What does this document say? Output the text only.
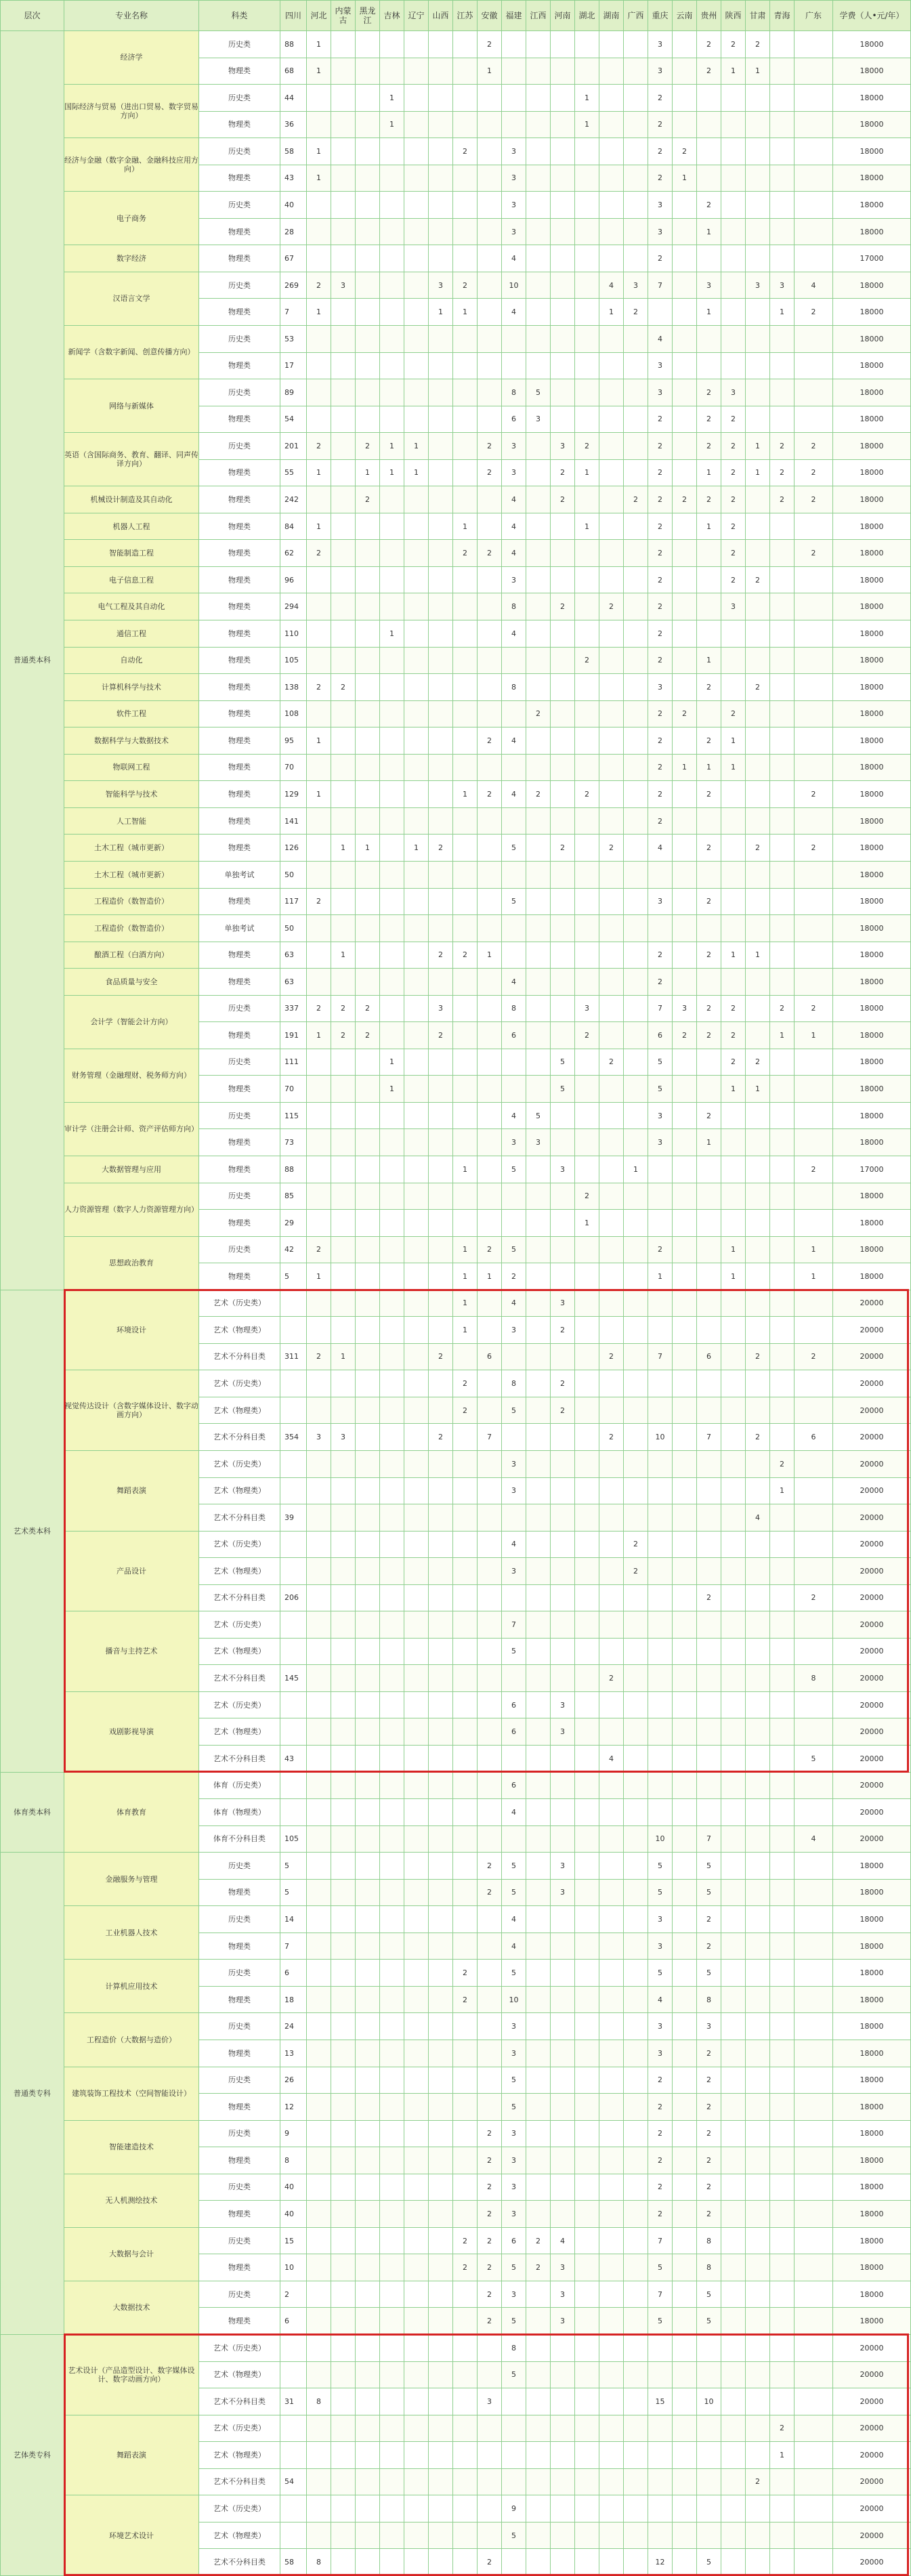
层次	专业名称	科类	四川	河北	内蒙古	黑龙江	吉林	辽宁	山西	江苏	安徽	福建	江西	河南	湖北	湖南	广西	重庆	云南	贵州	陕西	甘肃	青海	广东	学费（人•元/年）
普通类本科	经济学	历史类	88	1							2							3		2	2	2			18000
		物理类	68	1							1							3		2	1	1			18000
	国际经济与贸易（进出口贸易、数字贸易方向）	历史类	44				1								1			2							18000
		物理类	36				1								1			2							18000
	经济与金融（数字金融、金融科技应用方向）	历史类	58	1						2		3						2	2						18000
		物理类	43	1								3						2	1						18000
	电子商务	历史类	40									3						3		2					18000
		物理类	28									3						3		1					18000
	数字经济	物理类	67									4						2							17000
	汉语言文学	历史类	269	2	3				3	2		10				4	3	7		3		3	3	4	18000
		物理类	7	1					1	1		4				1	2			1			1	2	18000
	新闻学（含数字新闻、创意传播方向）	历史类	53															4							18000
		物理类	17															3							18000
	网络与新媒体	历史类	89									8	5					3		2	3				18000
		物理类	54									6	3					2		2	2				18000
	英语（含国际商务、教育、翻译、同声传译方向）	历史类	201	2		2	1	1			2	3		3	2			2		2	2	1	2	2	18000
		物理类	55	1		1	1	1			2	3		2	1			2		1	2	1	2	2	18000
	机械设计制造及其自动化	物理类	242			2						4		2			2	2	2	2	2		2	2	18000
	机器人工程	物理类	84	1						1		4			1			2		1	2				18000
	智能制造工程	物理类	62	2						2	2	4						2			2			2	18000
	电子信息工程	物理类	96									3						2			2	2			18000
	电气工程及其自动化	物理类	294									8		2		2		2			3				18000
	通信工程	物理类	110				1					4						2							18000
	自动化	物理类	105												2			2		1					18000
	计算机科学与技术	物理类	138	2	2							8						3		2		2			18000
	软件工程	物理类	108										2					2	2		2				18000
	数据科学与大数据技术	物理类	95	1							2	4						2		2	1				18000
	物联网工程	物理类	70															2	1	1	1				18000
	智能科学与技术	物理类	129	1						1	2	4	2		2			2		2				2	18000
	人工智能	物理类	141															2							18000
	土木工程（城市更新）	物理类	126		1	1		1	2			5		2		2		4		2		2		2	18000
	土木工程（城市更新）	单独考试	50																						18000
	工程造价（数智造价）	物理类	117	2								5						3		2					18000
	工程造价（数智造价）	单独考试	50																						18000
	酿酒工程（白酒方向）	物理类	63		1				2	2	1							2		2	1	1			18000
	食品质量与安全	物理类	63									4						2							18000
	会计学（智能会计方向）	历史类	337	2	2	2			3			8			3			7	3	2	2		2	2	18000
		物理类	191	1	2	2			2			6			2			6	2	2	2		1	1	18000
	财务管理（金融理财、税务师方向）	历史类	111				1							5		2		5			2	2			18000
		物理类	70				1							5				5			1	1			18000
	审计学（注册会计师、资产评估师方向）	历史类	115									4	5					3		2					18000
		物理类	73									3	3					3		1					18000
	大数据管理与应用	物理类	88							1		5		3			1							2	17000
	人力资源管理（数字人力资源管理方向）	历史类	85												2										18000
		物理类	29												1										18000
	思想政治教育	历史类	42	2						1	2	5						2			1			1	18000
		物理类	5	1						1	1	2						1			1			1	18000
艺术类本科	环境设计	艺术（历史类）								1		4		3											20000
		艺术（物理类）								1		3		2											20000
		艺术不分科目类	311	2	1				2		6					2		7		6		2		2	20000
	视觉传达设计（含数字媒体设计、数字动画方向）	艺术（历史类）								2		8		2											20000
		艺术（物理类）								2		5		2											20000
		艺术不分科目类	354	3	3				2		7					2		10		7		2		6	20000
	舞蹈表演	艺术（历史类）										3											2		20000
		艺术（物理类）										3											1		20000
		艺术不分科目类	39																			4			20000
	产品设计	艺术（历史类）										4					2								20000
		艺术（物理类）										3					2								20000
		艺术不分科目类	206																	2				2	20000
	播音与主持艺术	艺术（历史类）										7													20000
		艺术（物理类）										5													20000
		艺术不分科目类	145													2								8	20000
	戏剧影视导演	艺术（历史类）										6		3											20000
		艺术（物理类）										6		3											20000
		艺术不分科目类	43													4								5	20000
体育类本科	体育教育	体育（历史类）										6													20000
		体育（物理类）										4													20000
		体育不分科目类	105															10		7				4	20000
普通类专科	金融服务与管理	历史类	5								2	5		3				5		5					18000
		物理类	5								2	5		3				5		5					18000
	工业机器人技术	历史类	14									4						3		2					18000
		物理类	7									4						3		2					18000
	计算机应用技术	历史类	6							2		5						5		5					18000
		物理类	18							2		10						4		8					18000
	工程造价（大数据与造价）	历史类	24									3						3		3					18000
		物理类	13									3						3		2					18000
	建筑装饰工程技术（空间智能设计）	历史类	26									5						2		2					18000
		物理类	12									5						2		2					18000
	智能建造技术	历史类	9								2	3						2		2					18000
		物理类	8								2	3						2		2					18000
	无人机测绘技术	历史类	40								2	3						2		2					18000
		物理类	40								2	3						2		2					18000
	大数据与会计	历史类	15							2	2	6	2	4				7		8					18000
		物理类	10							2	2	5	2	3				5		8					18000
	大数据技术	历史类	2								2	3		3				7		5					18000
		物理类	6								2	5		3				5		5					18000
艺体类专科	艺术设计（产品造型设计、数字媒体设计、数字动画方向）	艺术（历史类）										8													20000
		艺术（物理类）										5													20000
		艺术不分科目类	31	8							3							15		10					20000
	舞蹈表演	艺术（历史类）																					2		20000
		艺术（物理类）																					1		20000
		艺术不分科目类	54																			2			20000
	环境艺术设计	艺术（历史类）										9													20000
		艺术（物理类）										5													20000
		艺术不分科目类	58	8							2							12		5					20000
